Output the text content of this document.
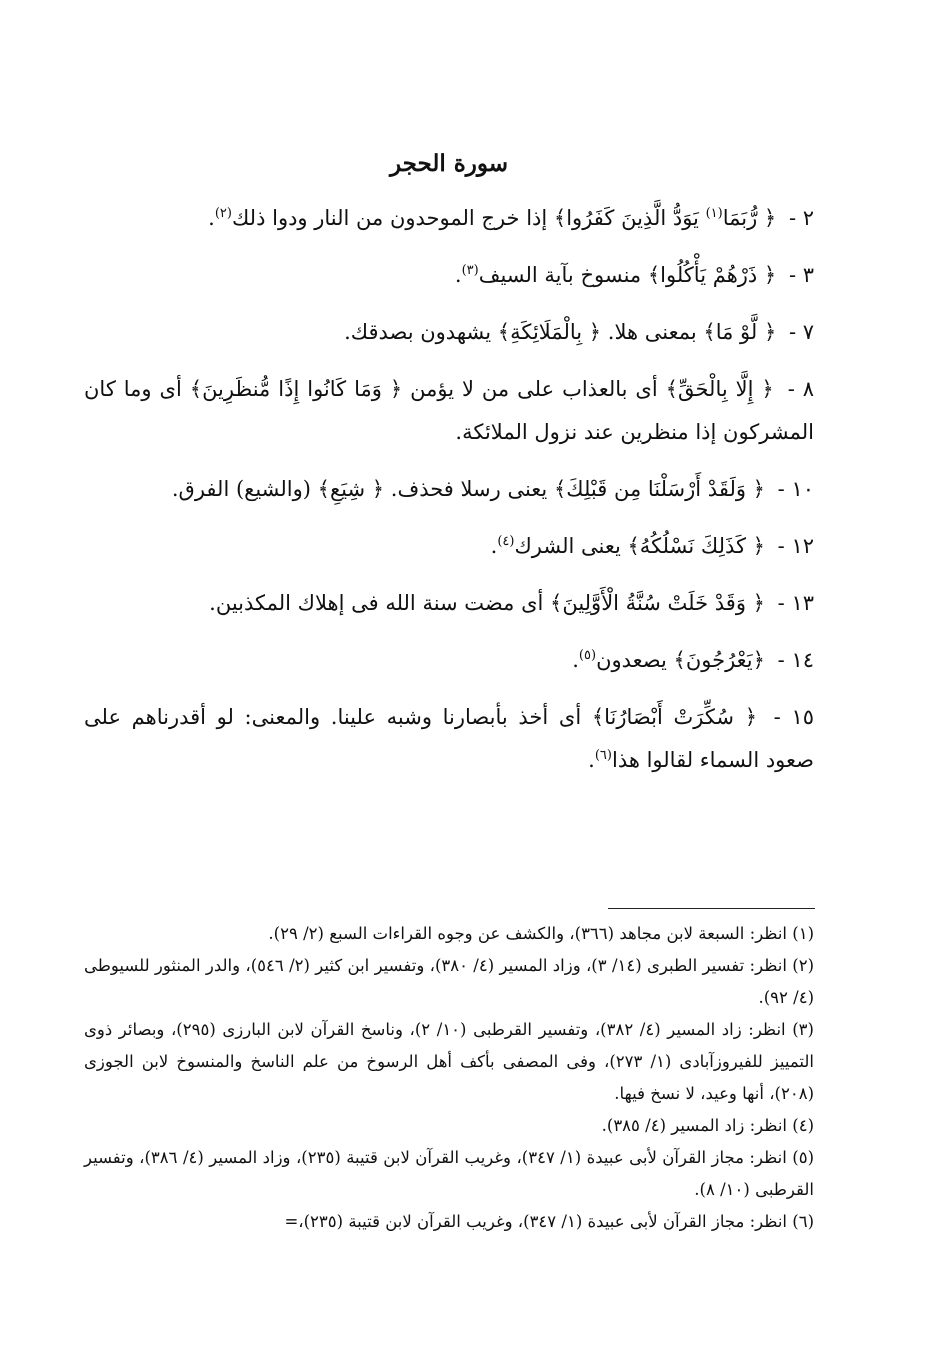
سورة الحجر

٢ - ﴿ رُّبَمَا$^{(١)}$ يَوَدُّ الَّذِينَ كَفَرُوا﴾ إذا خرج الموحدون من النار ودوا ذلك$^{(٢)}$.

٣ - ﴿ ذَرْهُمْ يَأْكُلُوا﴾ منسوخ بآية السيف$^{(٣)}$.

٧ - ﴿ لَّوْ مَا﴾ بمعنى هلا. ﴿ بِالْمَلَائِكَةِ﴾ يشهدون بصدقك.

٨ - ﴿ إِلَّا بِالْحَقِّ﴾ أى بالعذاب على من لا يؤمن ﴿ وَمَا كَانُوا إِذًا مُّنظَرِينَ﴾ أى وما كان المشركون إذا منظرين عند نزول الملائكة.

١٠ - ﴿ وَلَقَدْ أَرْسَلْنَا مِن قَبْلِكَ﴾ يعنى رسلا فحذف. ﴿ شِيَعِ﴾ (والشيع) الفرق.

١٢ - ﴿ كَذَلِكَ نَسْلُكُهُ﴾ يعنى الشرك$^{(٤)}$.

١٣ - ﴿ وَقَدْ خَلَتْ سُنَّةُ الْأَوَّلِينَ﴾ أى مضت سنة الله فى إهلاك المكذبين.

١٤ - ﴿يَعْرُجُونَ﴾ يصعدون$^{(٥)}$.

١٥ - ﴿ سُكِّرَتْ أَبْصَارُنَا﴾ أى أخذ بأبصارنا وشبه علينا. والمعنى: لو أقدرناهم على صعود السماء لقالوا هذا$^{(٦)}$.

(١) انظر: السبعة لابن مجاهد (٣٦٦)، والكشف عن وجوه القراءات السبع (٢/ ٢٩).

(٢) انظر: تفسير الطبرى (١٤/ ٣)، وزاد المسير (٤/ ٣٨٠)، وتفسير ابن كثير (٢/ ٥٤٦)، والدر المنثور للسيوطى (٤/ ٩٢).

(٣) انظر: زاد المسير (٤/ ٣٨٢)، وتفسير القرطبى (١٠/ ٢)، وناسخ القرآن لابن البارزى (٢٩٥)، وبصائر ذوى التمييز للفيروزآبادى (١/ ٢٧٣)، وفى المصفى بأكف أهل الرسوخ من علم الناسخ والمنسوخ لابن الجوزى (٢٠٨)، أنها وعيد، لا نسخ فيها.

(٤) انظر: زاد المسير (٤/ ٣٨٥).

(٥) انظر: مجاز القرآن لأبى عبيدة (١/ ٣٤٧)، وغريب القرآن لابن قتيبة (٢٣٥)، وزاد المسير (٤/ ٣٨٦)، وتفسير القرطبى (١٠/ ٨).

(٦) انظر: مجاز القرآن لأبى عبيدة (١/ ٣٤٧)، وغريب القرآن لابن قتيبة (٢٣٥)،=
